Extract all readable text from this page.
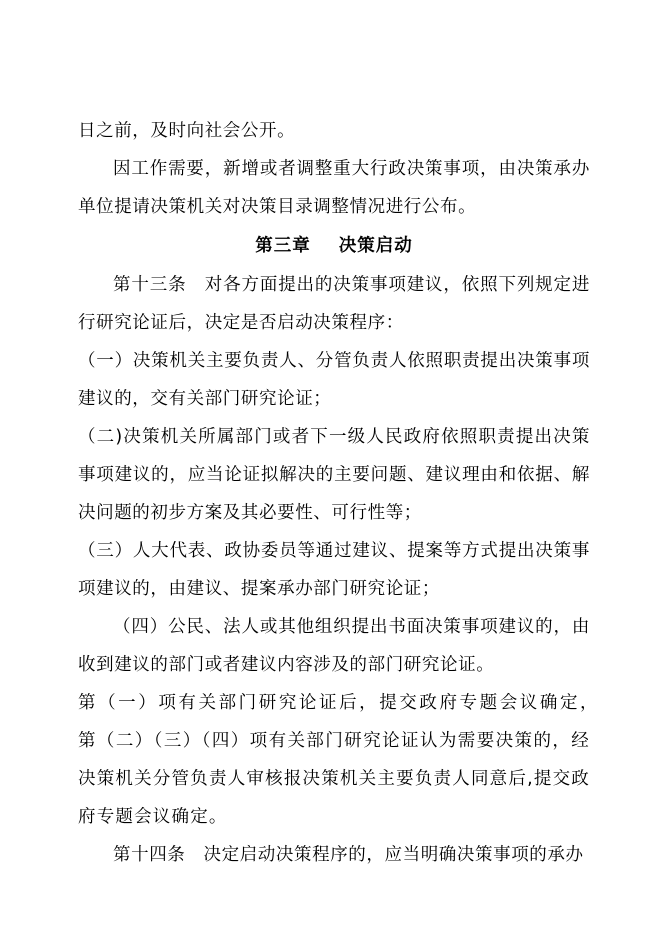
日之前，及时向社会公开。

因工作需要，新增或者调整重大行政决策事项，由决策承办单位提请决策机关对决策目录调整情况进行公布。

第三章 决策启动

第十三条　对各方面提出的决策事项建议，依照下列规定进行研究论证后，决定是否启动决策程序：

（一）决策机关主要负责人、分管负责人依照职责提出决策事项建议的，交有关部门研究论证；

（二)决策机关所属部门或者下一级人民政府依照职责提出决策事项建议的，应当论证拟解决的主要问题、建议理由和依据、解决问题的初步方案及其必要性、可行性等；

（三）人大代表、政协委员等通过建议、提案等方式提出决策事项建议的，由建议、提案承办部门研究论证；

（四）公民、法人或其他组织提出书面决策事项建议的，由收到建议的部门或者建议内容涉及的部门研究论证。

第（一）项有关部门研究论证后，提交政府专题会议确定，　第（二）（三）（四）项有关部门研究论证认为需要决策的，经决策机关分管负责人审核报决策机关主要负责人同意后,提交政府专题会议确定。

第十四条　决定启动决策程序的，应当明确决策事项的承办
